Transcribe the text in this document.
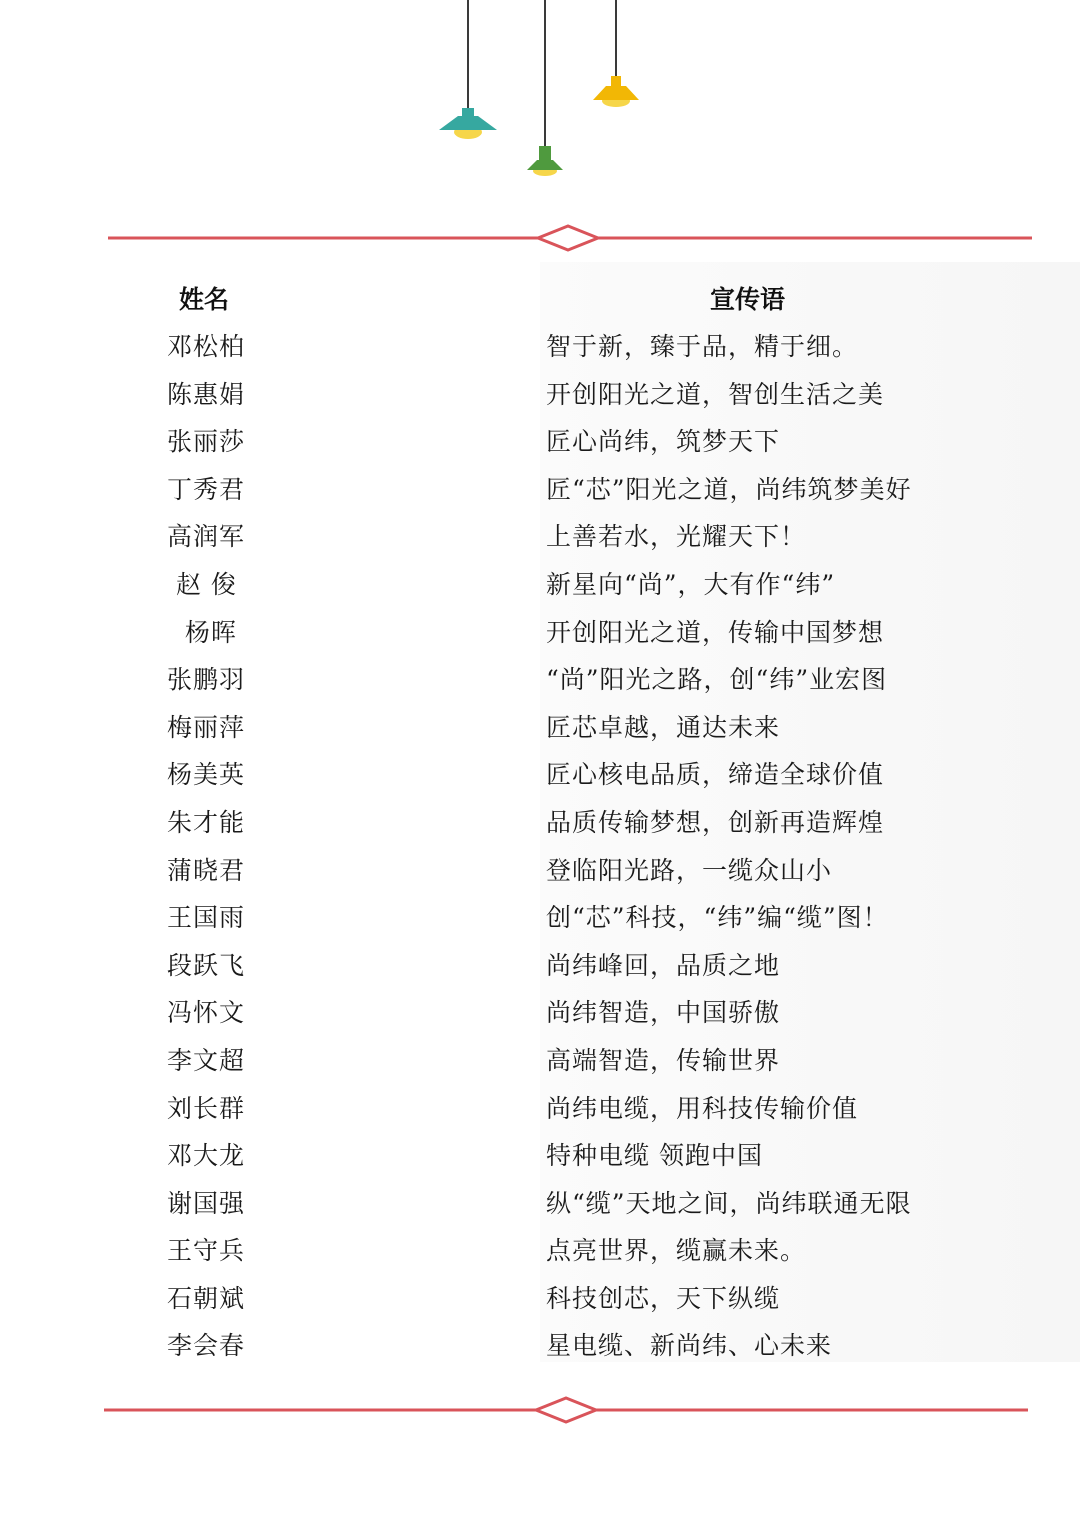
姓名	宣传语
邓松柏	智于新，臻于品，精于细。
陈惠娟	开创阳光之道，智创生活之美
张丽莎	匠心尚纬，筑梦天下
丁秀君	匠“芯”阳光之道，尚纬筑梦美好
高润军	上善若水，光耀天下！
赵 俊	新星向“尚”，大有作“纬”
杨晖	开创阳光之道，传输中国梦想
张鹏羽	“尚”阳光之路，创“纬”业宏图
梅丽萍	匠芯卓越，通达未来
杨美英	匠心核电品质，缔造全球价值
朱才能	品质传输梦想，创新再造辉煌
蒲晓君	登临阳光路，一缆众山小
王国雨	创“芯”科技，“纬”编“缆”图！
段跃飞	尚纬峰回，品质之地
冯怀文	尚纬智造，中国骄傲
李文超	高端智造，传输世界
刘长群	尚纬电缆，用科技传输价值
邓大龙	特种电缆 领跑中国
谢国强	纵“缆”天地之间，尚纬联通无限
王守兵	点亮世界，缆赢未来。
石朝斌	科技创芯，天下纵缆
李会春	星电缆、新尚纬、心未来
